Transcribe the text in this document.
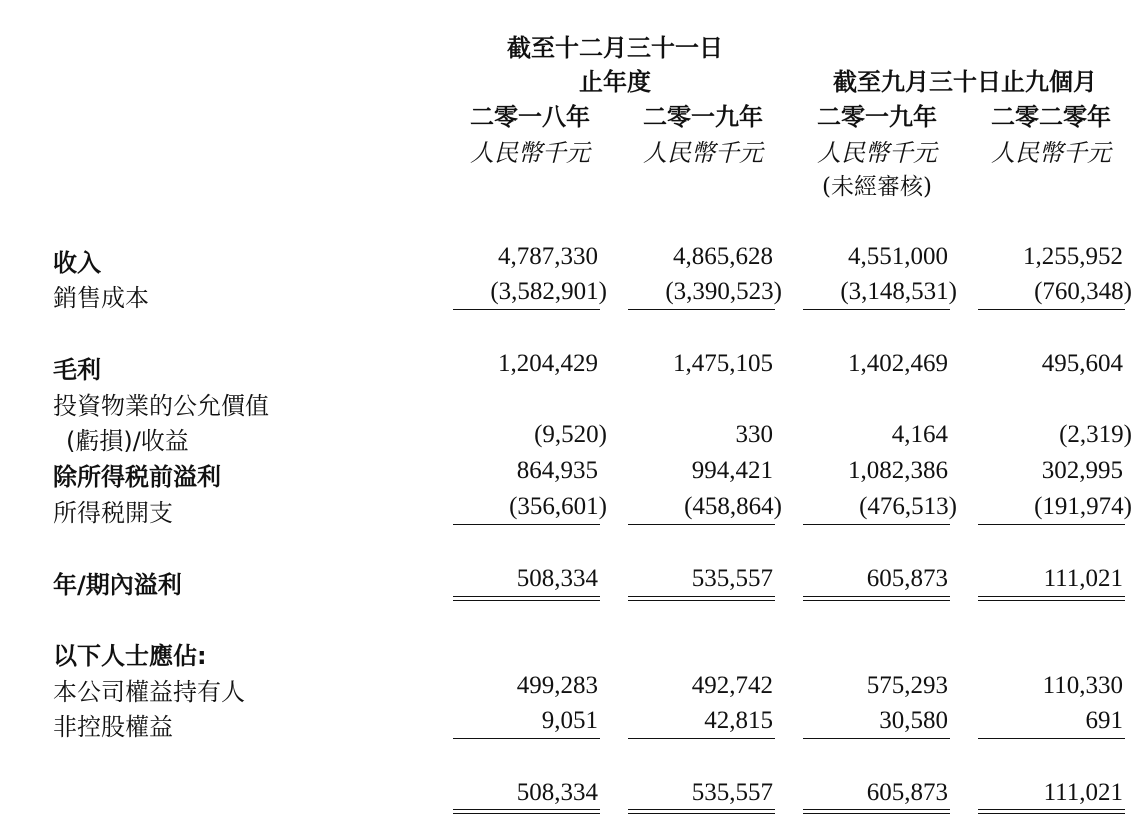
截至十二月三十一日
止年度	截至九月三十日止九個月
二零一八年	二零一九年	二零一九年	二零二零年
人民幣千元	人民幣千元	人民幣千元	人民幣千元
(未經審核)
收入	4,787,330	4,865,628	4,551,000	1,255,952
銷售成本	(3,582,901)	(3,390,523)	(3,148,531)	(760,348)
毛利	1,204,429	1,475,105	1,402,469	495,604
投資物業的公允價值
(虧損)/收益	(9,520)	330	4,164	(2,319)
除所得税前溢利	864,935	994,421	1,082,386	302,995
所得税開支	(356,601)	(458,864)	(476,513)	(191,974)
年/期內溢利	508,334	535,557	605,873	111,021
以下人士應佔:
本公司權益持有人	499,283	492,742	575,293	110,330
非控股權益	9,051	42,815	30,580	691
508,334	535,557	605,873	111,021
